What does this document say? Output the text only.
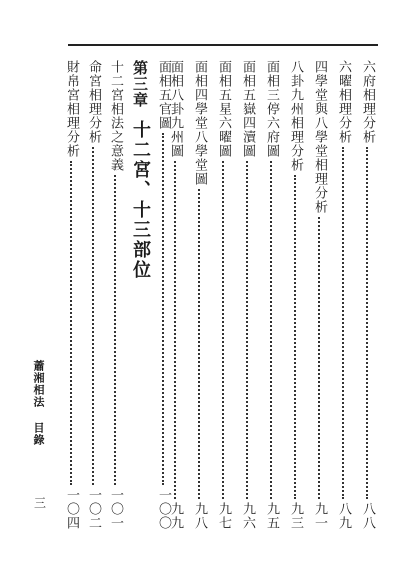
六府相理分析
八八
六曜相理分析
八九
四學堂與八學堂相理分析
九一
八卦九州相理分析
九三
面相三停六府圖
九五
面相五嶽四瀆圖
九六
面相五星六曜圖
九七
面相四學堂八學堂圖
九八
面相八卦九州圖
九九
面相五官圖
一〇〇
第三章
十二宮、十三部位
十二宮相法之意義
一〇一
命宮相理分析
一〇二
財帛宮相理分析
一〇四
蕭湘相法
目錄
三
